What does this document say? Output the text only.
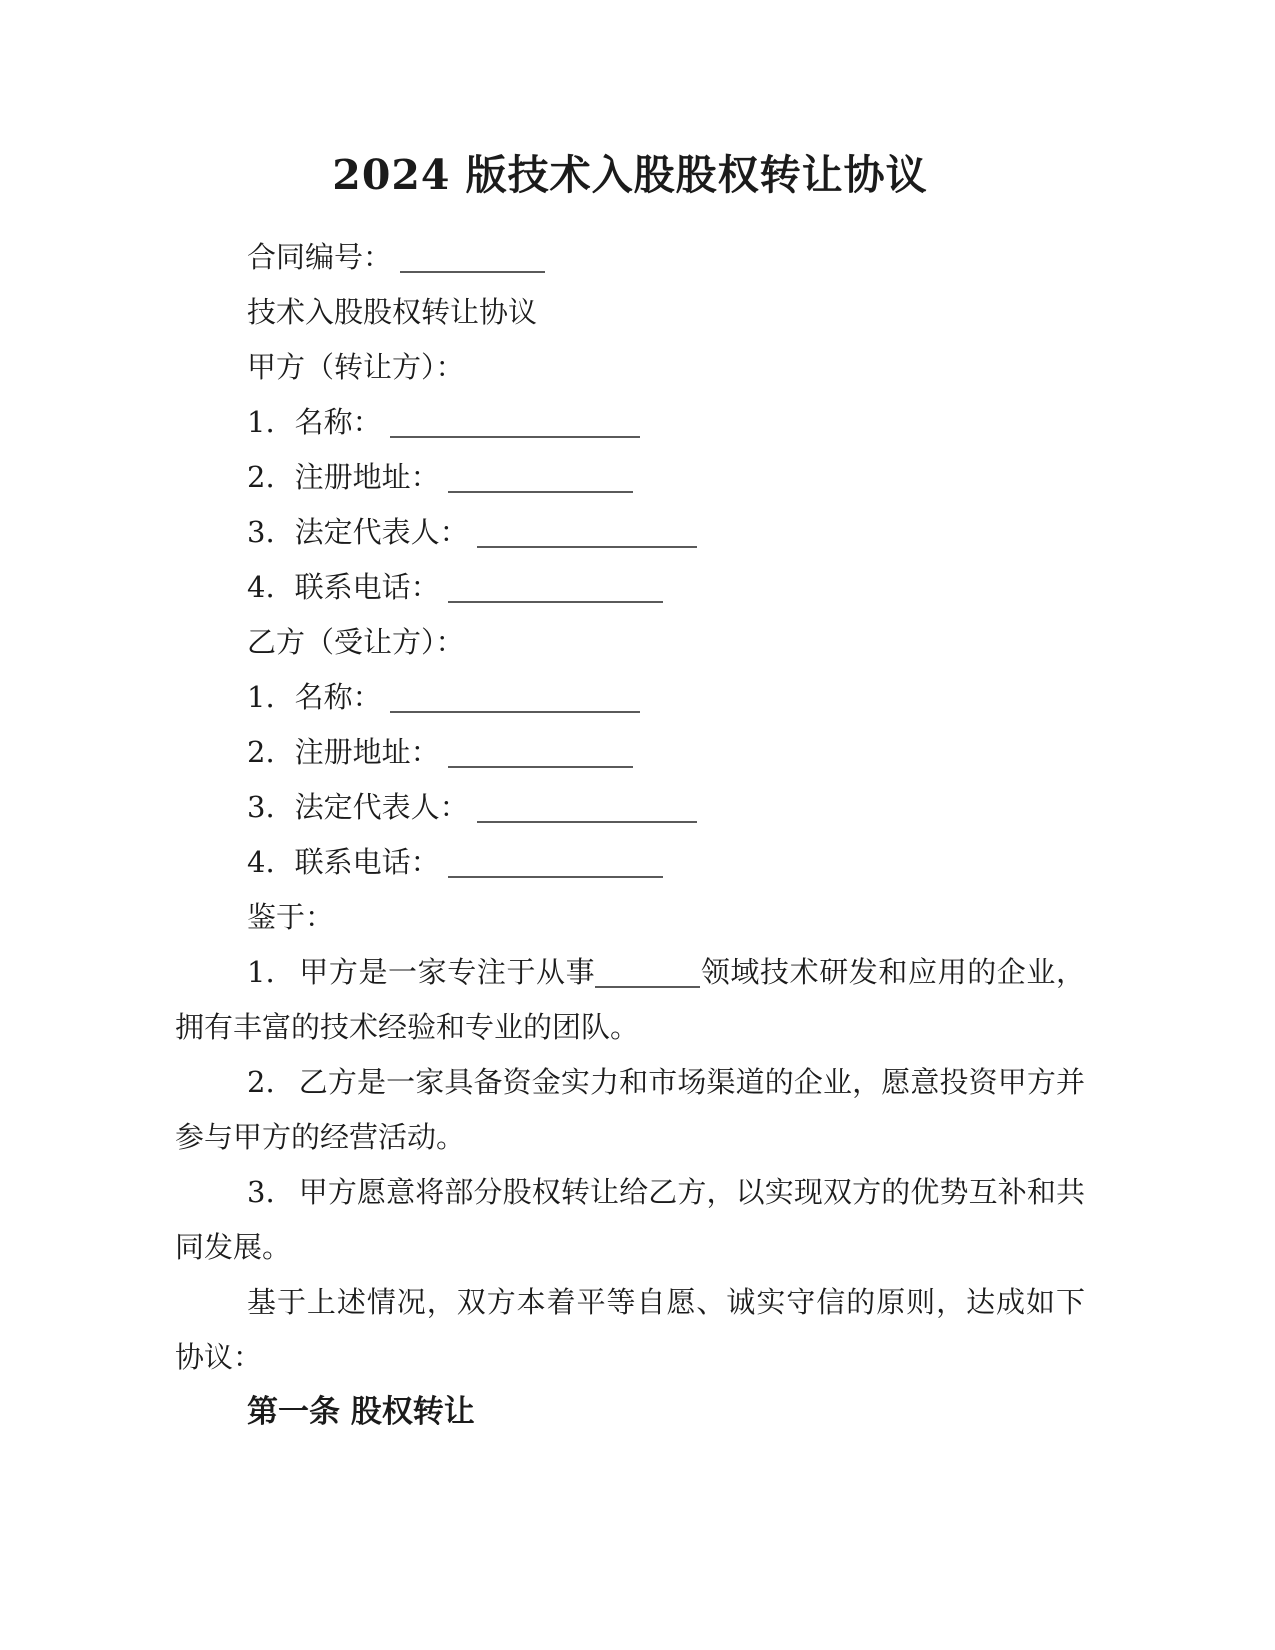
2024 版技术入股股权转让协议

合同编号：

技术入股股权转让协议

甲方（转让方）：

1. 名称：

2. 注册地址：

3. 法定代表人：

4. 联系电话：

乙方（受让方）：

1. 名称：

2. 注册地址：

3. 法定代表人：

4. 联系电话：

鉴于：

1. 甲方是一家专注于从事	领域技术研发和应用的企业，拥有丰富的技术经验和专业的团队。

2. 乙方是一家具备资金实力和市场渠道的企业，愿意投资甲方并参与甲方的经营活动。

3. 甲方愿意将部分股权转让给乙方，以实现双方的优势互补和共同发展。

基于上述情况，双方本着平等自愿、诚实守信的原则，达成如下协议：

第一条 股权转让
